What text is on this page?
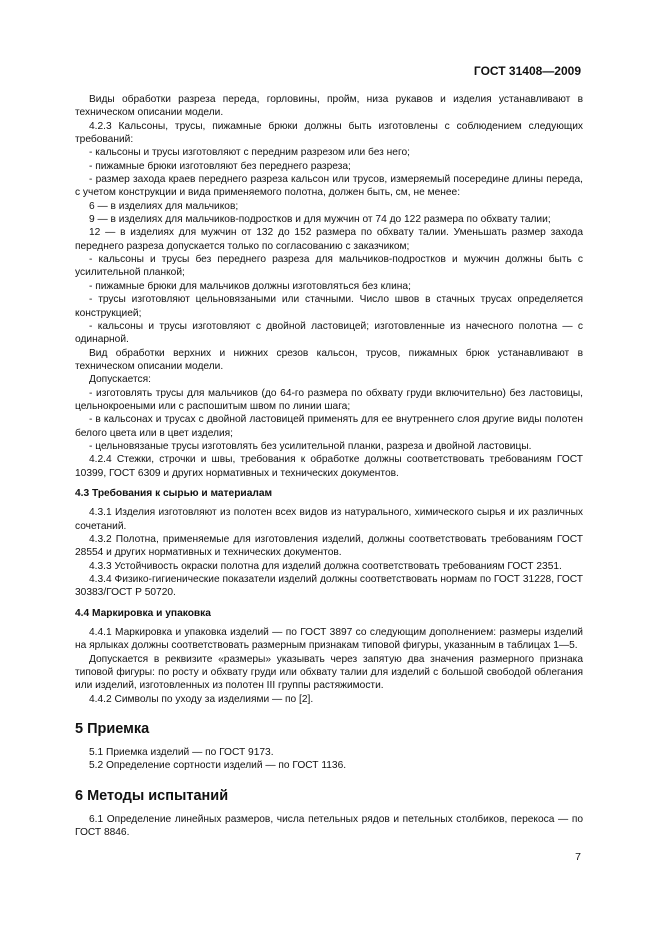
ГОСТ 31408—2009

Виды обработки разреза переда, горловины, пройм, низа рукавов и изделия устанавливают в техническом описании модели.

4.2.3 Кальсоны, трусы, пижамные брюки должны быть изготовлены с соблюдением следующих требований:

- кальсоны и трусы изготовляют с передним разрезом или без него;

- пижамные брюки изготовляют без переднего разреза;

- размер захода краев переднего разреза кальсон или трусов, измеряемый посередине длины переда, с учетом конструкции и вида применяемого полотна, должен быть, см, не менее:

6 — в изделиях для мальчиков;

9 — в изделиях для мальчиков-подростков и для мужчин от 74 до 122 размера по обхвату талии;

12 — в изделиях для мужчин от 132 до 152 размера по обхвату талии. Уменьшать размер захода переднего разреза допускается только по согласованию с заказчиком;

- кальсоны и трусы без переднего разреза для мальчиков-подростков и мужчин должны быть с усилительной планкой;

- пижамные брюки для мальчиков должны изготовляться без клина;

- трусы изготовляют цельновязаными или стачными. Число швов в стачных трусах определяется конструкцией;

- кальсоны и трусы изготовляют с двойной ластовицей; изготовленные из начесного полотна — с одинарной.

Вид обработки верхних и нижних срезов кальсон, трусов, пижамных брюк устанавливают в техническом описании модели.

Допускается:

- изготовлять трусы для мальчиков (до 64-го размера по обхвату груди включительно) без ластовицы, цельнокроеными или с распошитым швом по линии шага;

- в кальсонах и трусах с двойной ластовицей применять для ее внутреннего слоя другие виды полотен белого цвета или в цвет изделия;

- цельновязаные трусы изготовлять без усилительной планки, разреза и двойной ластовицы.

4.2.4 Стежки, строчки и швы, требования к обработке должны соответствовать требованиям ГОСТ 10399, ГОСТ 6309 и других нормативных и технических документов.

4.3 Требования к сырью и материалам

4.3.1 Изделия изготовляют из полотен всех видов из натурального, химического сырья и их различных сочетаний.

4.3.2 Полотна, применяемые для изготовления изделий, должны соответствовать требованиям ГОСТ 28554 и других нормативных и технических документов.

4.3.3 Устойчивость окраски полотна для изделий должна соответствовать требованиям ГОСТ 2351.

4.3.4 Физико-гигиенические показатели изделий должны соответствовать нормам по ГОСТ 31228, ГОСТ 30383/ГОСТ Р 50720.

4.4 Маркировка и упаковка

4.4.1 Маркировка и упаковка изделий — по ГОСТ 3897 со следующим дополнением: размеры изделий на ярлыках должны соответствовать размерным признакам типовой фигуры, указанным в таблицах 1—5.

Допускается в реквизите «размеры» указывать через запятую два значения размерного признака типовой фигуры: по росту и обхвату груди или обхвату талии для изделий с большой свободой облегания или изделий, изготовленных из полотен III группы растяжимости.

4.4.2 Символы по уходу за изделиями — по [2].

5 Приемка

5.1 Приемка изделий — по ГОСТ 9173.

5.2 Определение сортности изделий — по ГОСТ 1136.

6 Методы испытаний

6.1 Определение линейных размеров, числа петельных рядов и петельных столбиков, перекоса — по ГОСТ 8846.

7
